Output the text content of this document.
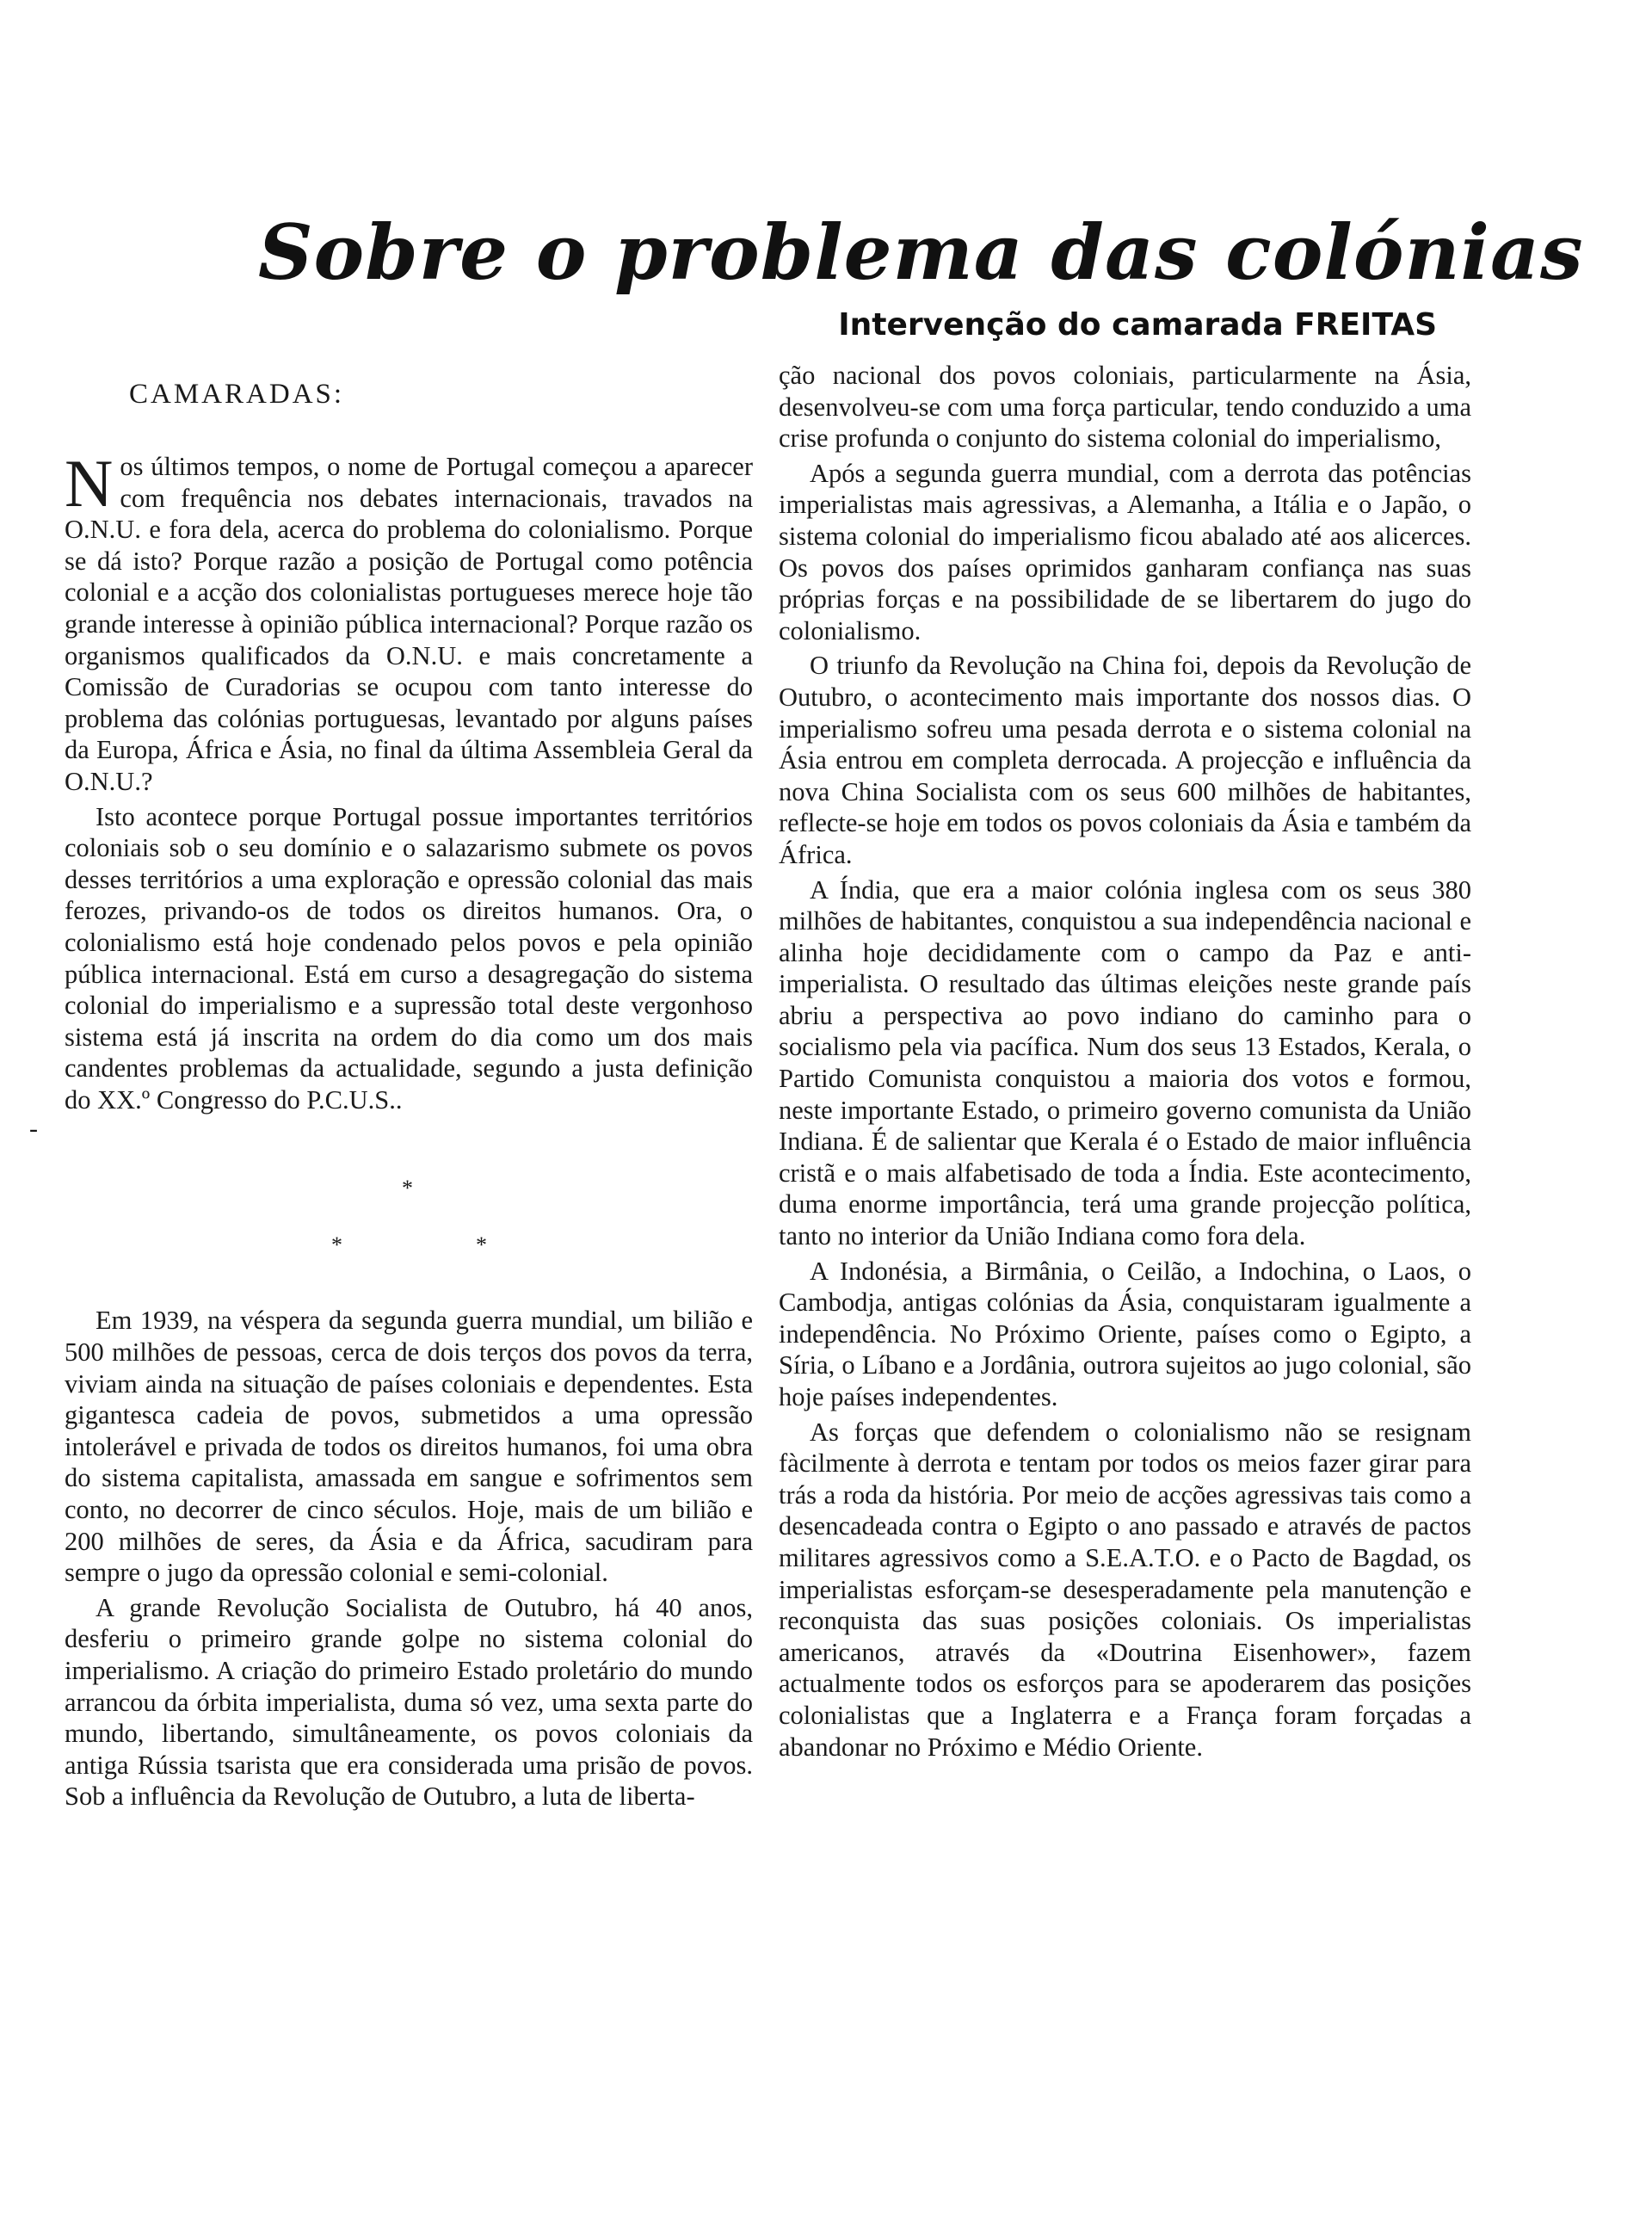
Sobre o problema das colónias
Intervenção do camarada FREITAS
-
CAMARADAS:

Nos últimos tempos, o nome de Portugal começou a aparecer com frequência nos debates internacionais, travados na O.N.U. e fora dela, acerca do problema do colonialismo. Porque se dá isto? Porque razão a posição de Portugal como potência colonial e a acção dos colonialistas portugueses merece hoje tão grande interesse à opinião pública internacional? Porque razão os organismos qualificados da O.N.U. e mais concretamente a Comissão de Curadorias se ocupou com tanto interesse do problema das colónias portuguesas, levantado por alguns países da Europa, África e Ásia, no final da última Assembleia Geral da O.N.U.?

Isto acontece porque Portugal possue importantes territórios coloniais sob o seu domínio e o salazarismo submete os povos desses territórios a uma exploração e opressão colonial das mais ferozes, privando-os de todos os direitos humanos. Ora, o colonialismo está hoje condenado pelos povos e pela opinião pública internacional. Está em curso a desagregação do sistema colonial do imperialismo e a supressão total deste vergonhoso sistema está já inscrita na ordem do dia como um dos mais candentes problemas da actualidade, segundo a justa definição do XX.º Congresso do P.C.U.S..

*
*	*

Em 1939, na véspera da segunda guerra mundial, um bilião e 500 milhões de pessoas, cerca de dois terços dos povos da terra, viviam ainda na situação de países coloniais e dependentes. Esta gigantesca cadeia de povos, submetidos a uma opressão intolerável e privada de todos os direitos humanos, foi uma obra do sistema capitalista, amassada em sangue e sofrimentos sem conto, no decorrer de cinco séculos. Hoje, mais de um bilião e 200 milhões de seres, da Ásia e da África, sacudiram para sempre o jugo da opressão colonial e semi-colonial.

A grande Revolução Socialista de Outubro, há 40 anos, desferiu o primeiro grande golpe no sistema colonial do imperialismo. A criação do primeiro Estado proletário do mundo arrancou da órbita imperialista, duma só vez, uma sexta parte do mundo, libertando, simultâneamente, os povos coloniais da antiga Rússia tsarista que era considerada uma prisão de povos. Sob a influência da Revolução de Outubro, a luta de liberta-

ção nacional dos povos coloniais, particularmente na Ásia, desenvolveu-se com uma força particular, tendo conduzido a uma crise profunda o conjunto do sistema colonial do imperialismo,

Após a segunda guerra mundial, com a derrota das potências imperialistas mais agressivas, a Alemanha, a Itália e o Japão, o sistema colonial do imperialismo ficou abalado até aos alicerces. Os povos dos países oprimidos ganharam confiança nas suas próprias forças e na possibilidade de se libertarem do jugo do colonialismo.

O triunfo da Revolução na China foi, depois da Revolução de Outubro, o acontecimento mais importante dos nossos dias. O imperialismo sofreu uma pesada derrota e o sistema colonial na Ásia entrou em completa derrocada. A projecção e influência da nova China Socialista com os seus 600 milhões de habitantes, reflecte-se hoje em todos os povos coloniais da Ásia e também da África.

A Índia, que era a maior colónia inglesa com os seus 380 milhões de habitantes, conquistou a sua independência nacional e alinha hoje decididamente com o campo da Paz e anti-imperialista. O resultado das últimas eleições neste grande país abriu a perspectiva ao povo indiano do caminho para o socialismo pela via pacífica. Num dos seus 13 Estados, Kerala, o Partido Comunista conquistou a maioria dos votos e formou, neste importante Estado, o primeiro governo comunista da União Indiana. É de salientar que Kerala é o Estado de maior influência cristã e o mais alfabetisado de toda a Índia. Este acontecimento, duma enorme importância, terá uma grande projecção política, tanto no interior da União Indiana como fora dela.

A Indonésia, a Birmânia, o Ceilão, a Indochina, o Laos, o Cambodja, antigas colónias da Ásia, conquistaram igualmente a independência. No Próximo Oriente, países como o Egipto, a Síria, o Líbano e a Jordânia, outrora sujeitos ao jugo colonial, são hoje países independentes.

As forças que defendem o colonialismo não se resignam fàcilmente à derrota e tentam por todos os meios fazer girar para trás a roda da história. Por meio de acções agressivas tais como a desencadeada contra o Egipto o ano passado e através de pactos militares agressivos como a S.E.A.T.O. e o Pacto de Bagdad, os imperialistas esforçam-se desesperadamente pela manutenção e reconquista das suas posições coloniais. Os imperialistas americanos, através da «Doutrina Eisenhower», fazem actualmente todos os esforços para se apoderarem das posições colonialistas que a Inglaterra e a França foram forçadas a abandonar no Próximo e Médio Oriente.
